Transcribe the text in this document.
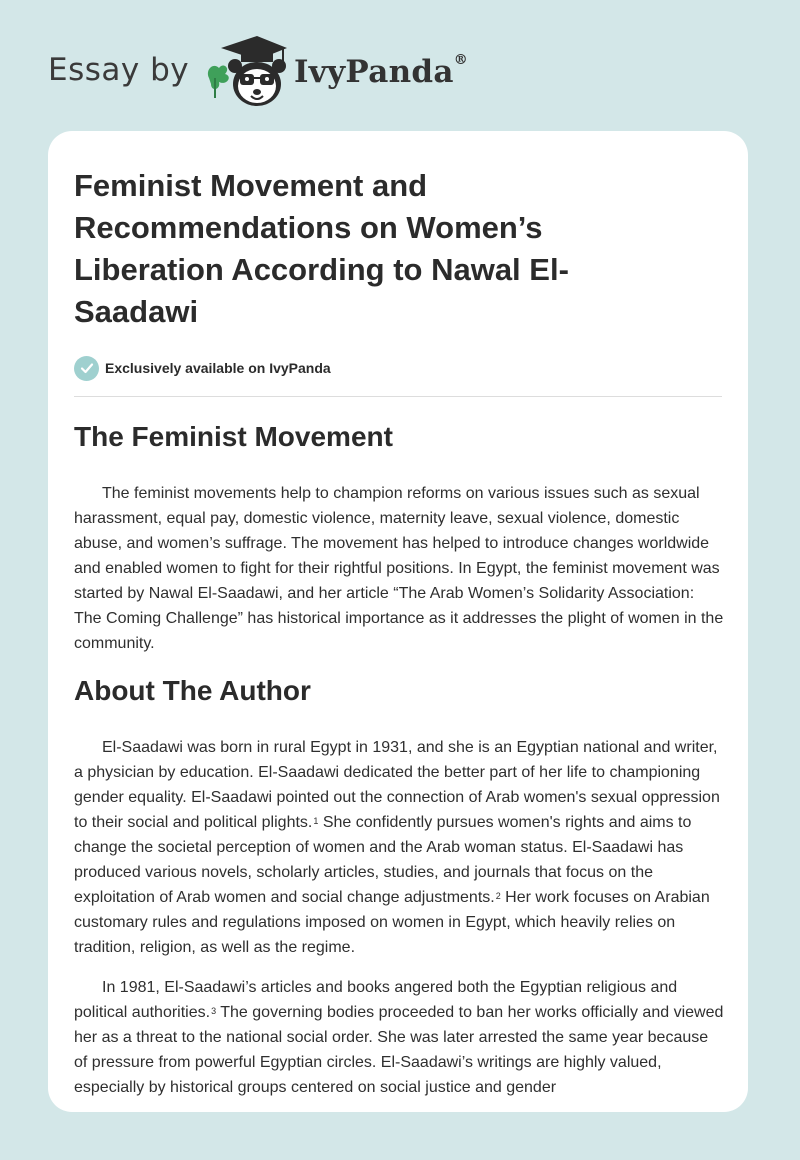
Essay by	IvyPanda®
Feminist Movement and Recommendations on Women’s Liberation According to Nawal El-Saadawi
Exclusively available on IvyPanda
The Feminist Movement

The feminist movements help to champion reforms on various issues such as sexual harassment, equal pay, domestic violence, maternity leave, sexual violence, domestic abuse, and women’s suffrage. The movement has helped to introduce changes worldwide and enabled women to fight for their rightful positions. In Egypt, the feminist movement was started by Nawal El-Saadawi, and her article “The Arab Women’s Solidarity Association: The Coming Challenge” has historical importance as it addresses the plight of women in the community.

About The Author

El-Saadawi was born in rural Egypt in 1931, and she is an Egyptian national and writer, a physician by education. El-Saadawi dedicated the better part of her life to championing gender equality. El-Saadawi pointed out the connection of Arab women's sexual oppression to their social and political plights.$^1$ She confidently pursues women's rights and aims to change the societal perception of women and the Arab woman status. El-Saadawi has produced various novels, scholarly articles, studies, and journals that focus on the exploitation of Arab women and social change adjustments.$^2$ Her work focuses on Arabian customary rules and regulations imposed on women in Egypt, which heavily relies on tradition, religion, as well as the regime.

In 1981, El-Saadawi’s articles and books angered both the Egyptian religious and political authorities.$^3$ The governing bodies proceeded to ban her works officially and viewed her as a threat to the national social order. She was later arrested the same year because of pressure from powerful Egyptian circles. El-Saadawi’s writings are highly valued, especially by historical groups centered on social justice and gender
